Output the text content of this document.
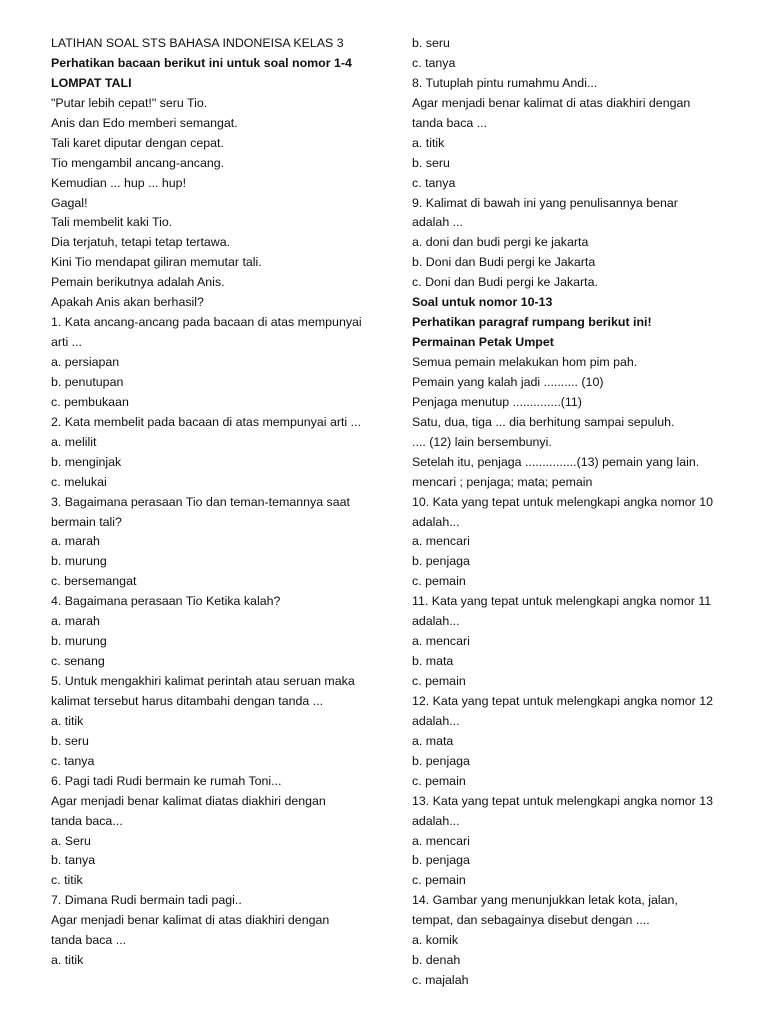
LATIHAN SOAL STS BAHASA INDONEISA KELAS 3
Perhatikan bacaan berikut ini untuk soal nomor 1-4
LOMPAT TALI
"Putar lebih cepat!" seru Tio.
Anis dan Edo memberi semangat.
Tali karet diputar dengan cepat.
Tio mengambil ancang-ancang.
Kemudian ... hup ... hup!
Gagal!
Tali membelit kaki Tio.
Dia terjatuh, tetapi tetap tertawa.
Kini Tio mendapat giliran memutar tali.
Pemain berikutnya adalah Anis.
Apakah Anis akan berhasil?
1. Kata ancang-ancang pada bacaan di atas mempunyai
arti ...
a. persiapan
b. penutupan
c. pembukaan
2. Kata membelit pada bacaan di atas mempunyai arti ...
a. melilit
b. menginjak
c. melukai
3. Bagaimana perasaan Tio dan teman-temannya saat
bermain tali?
a. marah
b. murung
c. bersemangat
4. Bagaimana perasaan Tio Ketika kalah?
a. marah
b. murung
c. senang
5. Untuk mengakhiri kalimat perintah atau seruan maka
kalimat tersebut harus ditambahi dengan tanda ...
a. titik
b. seru
c. tanya
6. Pagi tadi Rudi bermain ke rumah Toni...
Agar menjadi benar kalimat diatas diakhiri dengan
tanda baca...
a. Seru
b. tanya
c. titik
7. Dimana Rudi bermain tadi pagi..
Agar menjadi benar kalimat di atas diakhiri dengan
tanda baca ...
a. titik
b. seru
c. tanya
8. Tutuplah pintu rumahmu Andi...
Agar menjadi benar kalimat di atas diakhiri dengan
tanda baca ...
a. titik
b. seru
c. tanya
9. Kalimat di bawah ini yang penulisannya benar
adalah ...
a. doni dan budi pergi ke jakarta
b. Doni dan Budi pergi ke Jakarta
c. Doni dan Budi pergi ke Jakarta.
Soal untuk nomor 10-13
Perhatikan paragraf rumpang berikut ini!
Permainan Petak Umpet
Semua pemain melakukan hom pim pah.
Pemain yang kalah jadi .......... (10)
Penjaga menutup ..............(11)
Satu, dua, tiga ... dia berhitung sampai sepuluh.
.... (12) lain bersembunyi.
Setelah itu, penjaga ...............(13) pemain yang lain.
mencari ; penjaga; mata; pemain
10. Kata yang tepat untuk melengkapi angka nomor 10
adalah...
a. mencari
b. penjaga
c. pemain
11. Kata yang tepat untuk melengkapi angka nomor 11
adalah...
a. mencari
b. mata
c. pemain
12. Kata yang tepat untuk melengkapi angka nomor 12
adalah...
a. mata
b. penjaga
c. pemain
13. Kata yang tepat untuk melengkapi angka nomor 13
adalah...
a. mencari
b. penjaga
c. pemain
14. Gambar yang menunjukkan letak kota, jalan,
tempat, dan sebagainya disebut dengan ....
a. komik
b. denah
c. majalah
